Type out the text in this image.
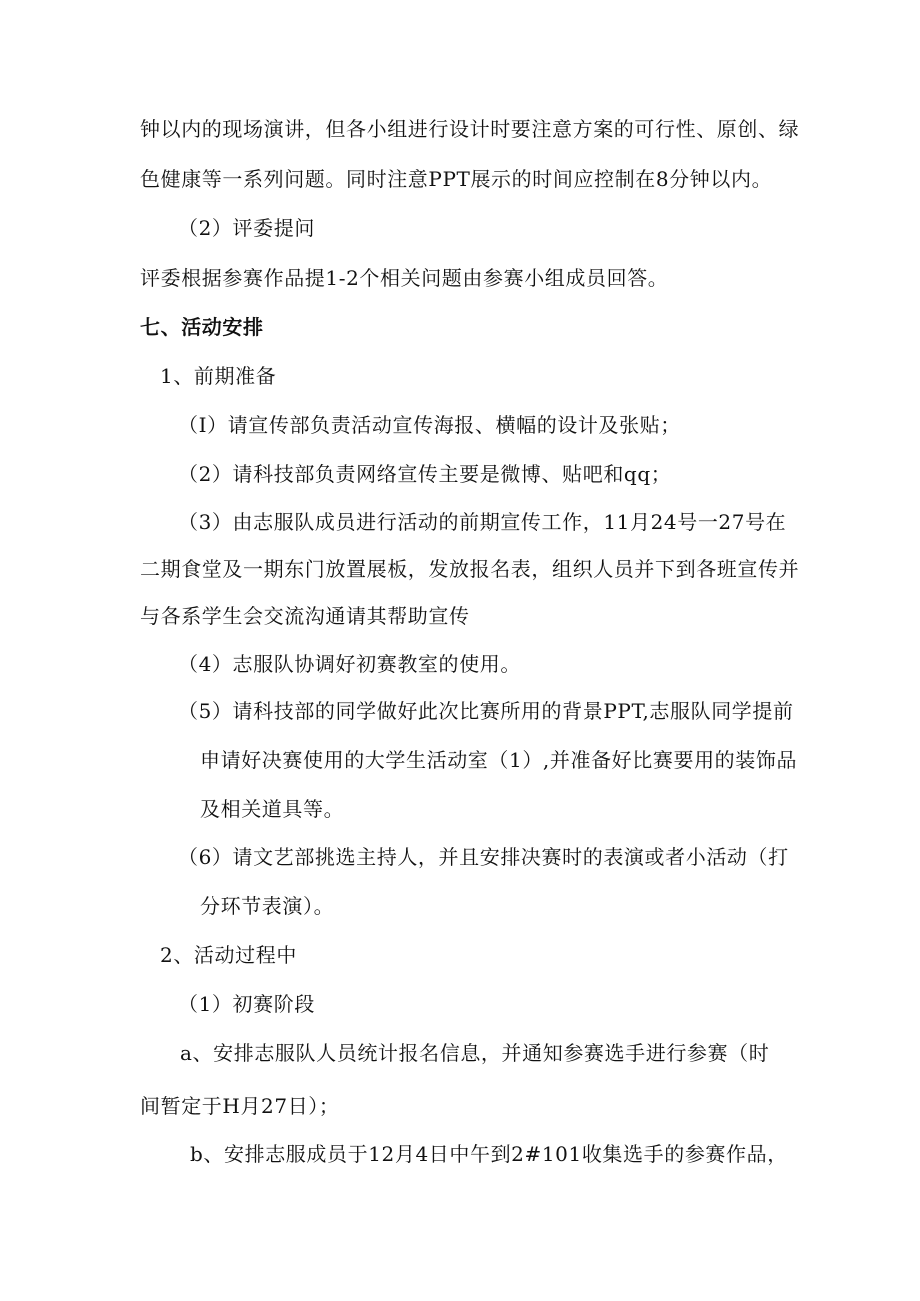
钟以内的现场演讲，但各小组进行设计时要注意方案的可行性、原创、绿
色健康等一系列问题。同时注意PPT展示的时间应控制在8分钟以内。
（2）评委提问
评委根据参赛作品提1-2个相关问题由参赛小组成员回答。
七、活动安排
1、前期准备
（I）请宣传部负责活动宣传海报、横幅的设计及张贴；
（2）请科技部负责网络宣传主要是微博、贴吧和qq；
（3）由志服队成员进行活动的前期宣传工作，11月24号一27号在
二期食堂及一期东门放置展板，发放报名表，组织人员并下到各班宣传并
与各系学生会交流沟通请其帮助宣传
（4）志服队协调好初赛教室的使用。
（5）请科技部的同学做好此次比赛所用的背景PPT,志服队同学提前
申请好决赛使用的大学生活动室（1）,并准备好比赛要用的装饰品
及相关道具等。
（6）请文艺部挑选主持人，并且安排决赛时的表演或者小活动（打
分环节表演）。
2、活动过程中
（1）初赛阶段
a、安排志服队人员统计报名信息，并通知参赛选手进行参赛（时
间暂定于H月27日）；
b、安排志服成员于12月4日中午到2#101收集选手的参赛作品，
